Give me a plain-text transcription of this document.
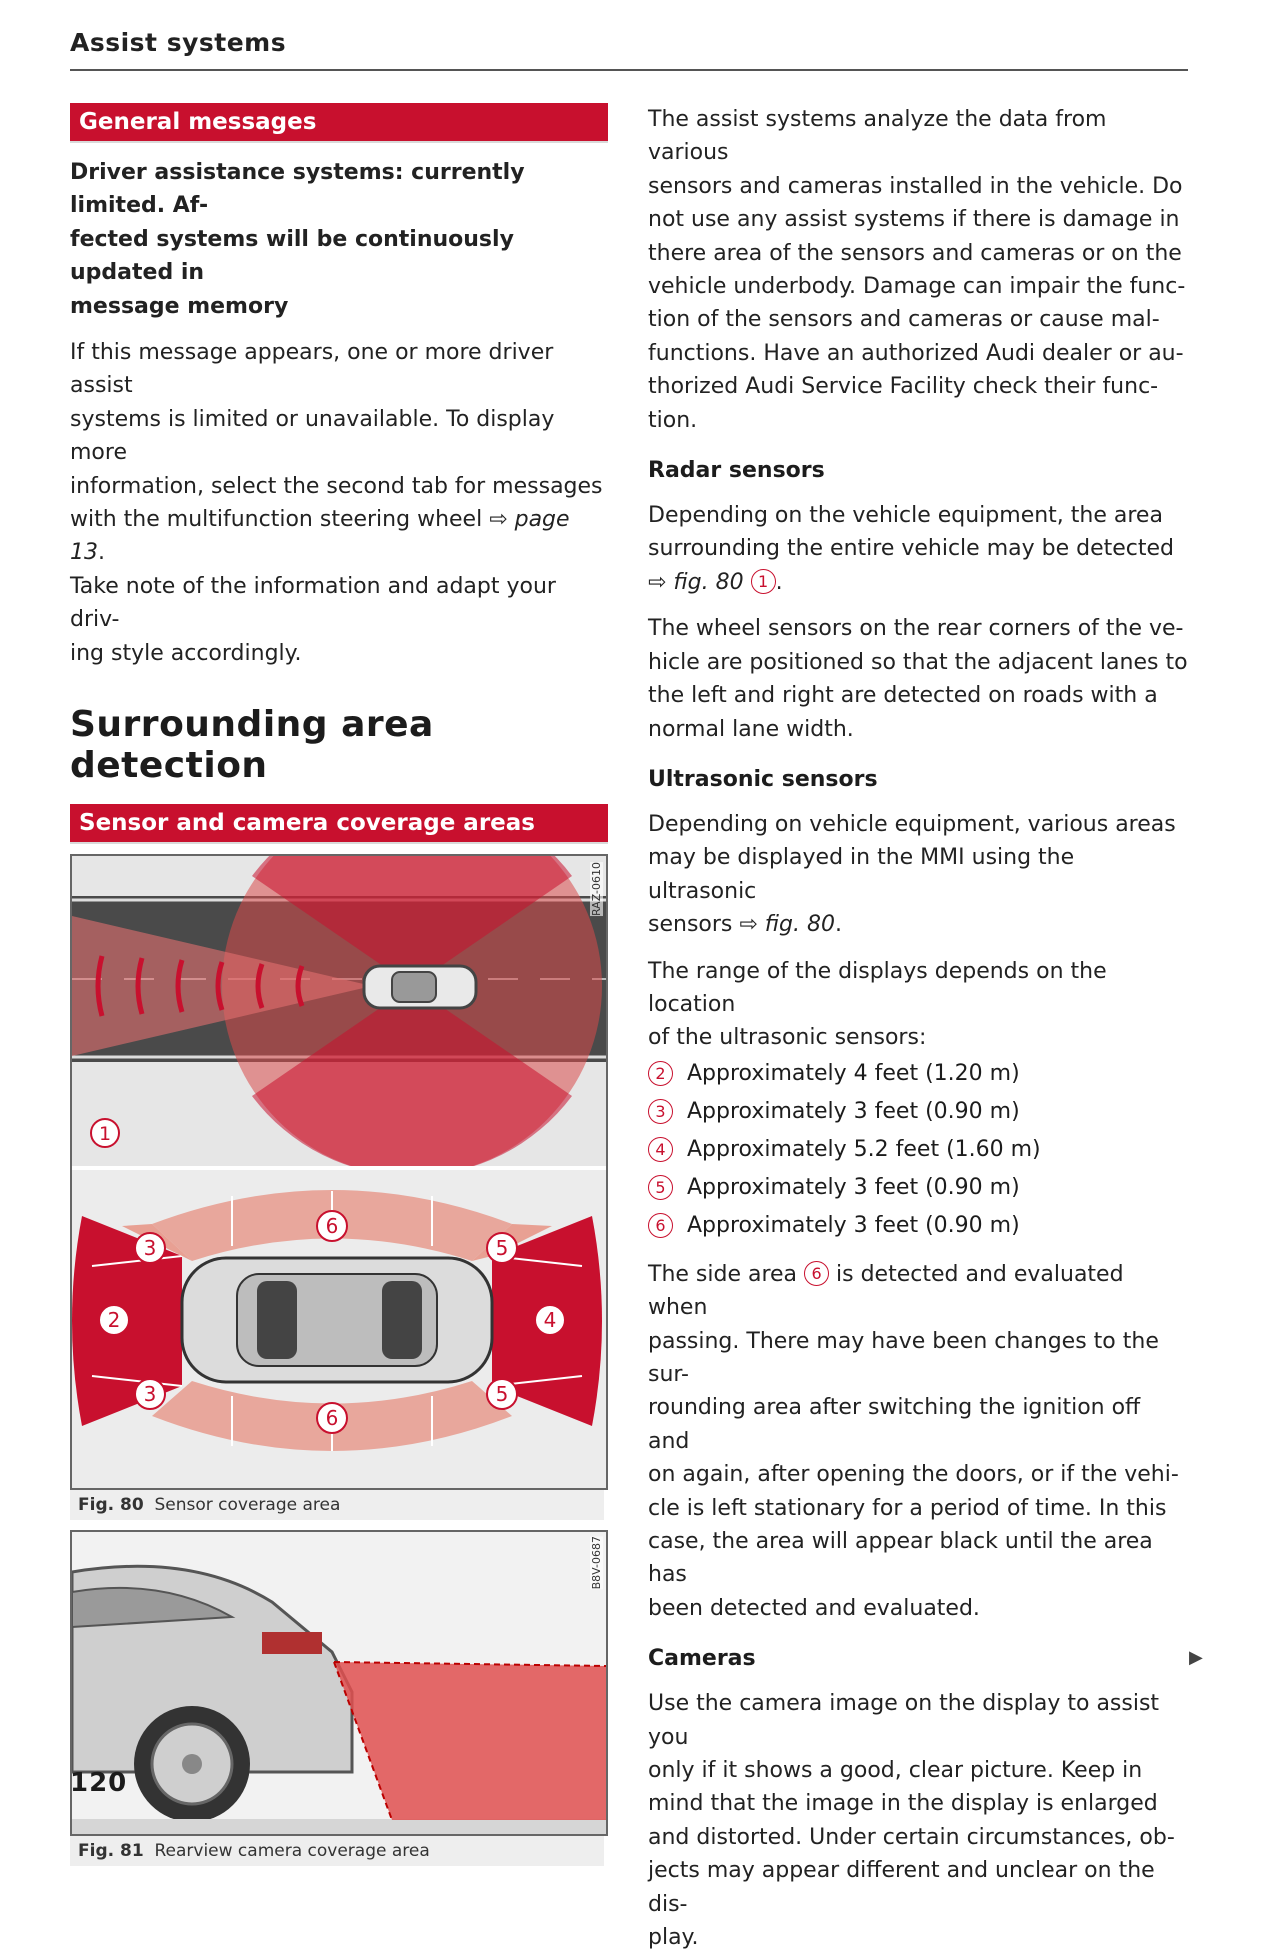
Assist systems
General messages

Driver assistance systems: currently limited. Af-

fected systems will be continuously updated in

message memory

If this message appears, one or more driver assist

systems is limited or unavailable. To display more

information, select the second tab for messages

with the multifunction steering wheel ⇨ page 13.

Take note of the information and adapt your driv-

ing style accordingly.

Surrounding area
detection
Sensor and camera coverage areas
1
2
3
3
4
5
5
6
6
RAZ-0610
Fig. 80 Sensor coverage area
B8V-0687
Fig. 81 Rearview camera coverage area

The assist systems analyze the data from various

sensors and cameras installed in the vehicle. Do

not use any assist systems if there is damage in

there area of the sensors and cameras or on the

vehicle underbody. Damage can impair the func-

tion of the sensors and cameras or cause mal-

functions. Have an authorized Audi dealer or au-

thorized Audi Service Facility check their func-

tion.

Radar sensors

Depending on the vehicle equipment, the area

surrounding the entire vehicle may be detected

⇨ fig. 80 1 .

The wheel sensors on the rear corners of the ve-

hicle are positioned so that the adjacent lanes to

the left and right are detected on roads with a

normal lane width.

Ultrasonic sensors

Depending on vehicle equipment, various areas

may be displayed in the MMI using the ultrasonic

sensors ⇨ fig. 80.

The range of the displays depends on the location

of the ultrasonic sensors:

2 Approximately 4 feet (1.20 m)
3 Approximately 3 feet (0.90 m)
4 Approximately 5.2 feet (1.60 m)
5 Approximately 3 feet (0.90 m)
6 Approximately 3 feet (0.90 m)

The side area 6 is detected and evaluated when

passing. There may have been changes to the sur-

rounding area after switching the ignition off and

on again, after opening the doors, or if the vehi-

cle is left stationary for a period of time. In this

case, the area will appear black until the area has

been detected and evaluated.

Cameras

Use the camera image on the display to assist you

only if it shows a good, clear picture. Keep in

mind that the image in the display is enlarged

and distorted. Under certain circumstances, ob-

jects may appear different and unclear on the dis-

play.

▶
120
